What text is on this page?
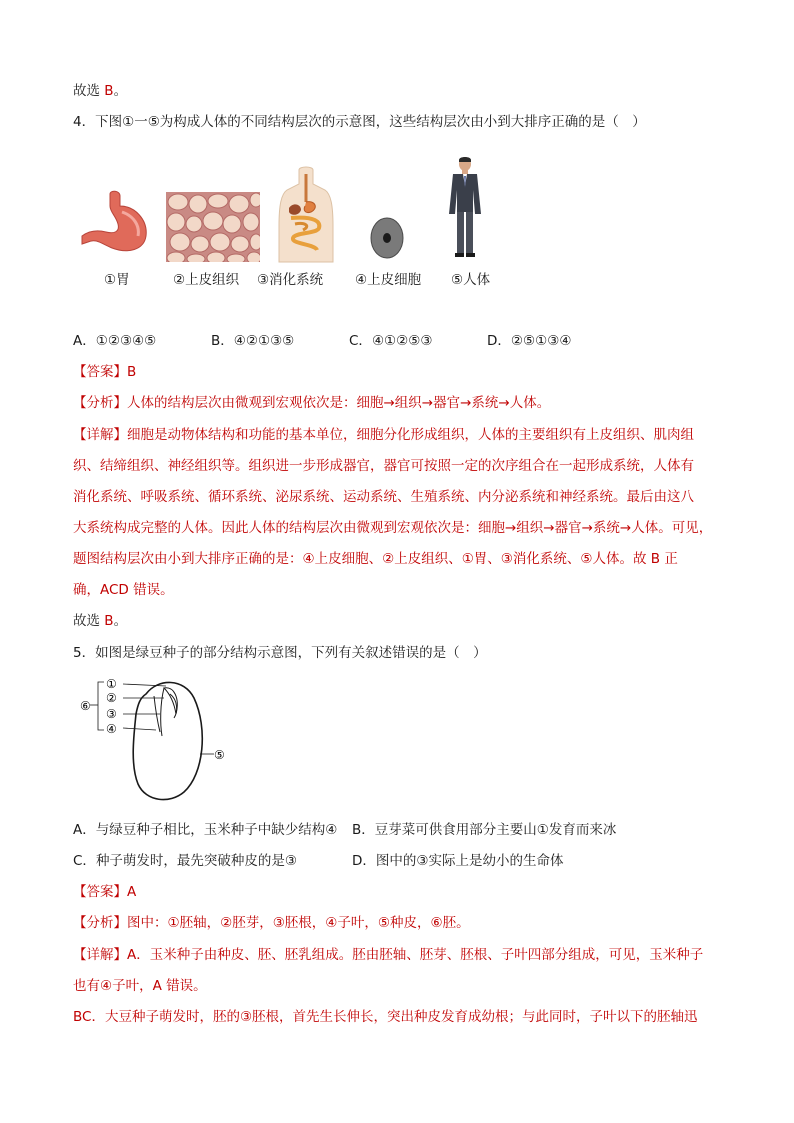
故选 B。
4．下图①一⑤为构成人体的不同结构层次的示意图，这些结构层次由小到大排序正确的是（　）
①胃	②上皮组织 ③消化系统 ④上皮细胞 ⑤人体
A．①②③④⑤	B．④②①③⑤	C．④①②⑤③	D．②⑤①③④
【答案】B
【分析】人体的结构层次由微观到宏观依次是：细胞→组织→器官→系统→人体。
【详解】细胞是动物体结构和功能的基本单位，细胞分化形成组织，人体的主要组织有上皮组织、肌肉组
织、结缔组织、神经组织等。组织进一步形成器官，器官可按照一定的次序组合在一起形成系统，人体有
消化系统、呼吸系统、循环系统、泌尿系统、运动系统、生殖系统、内分泌系统和神经系统。最后由这八
大系统构成完整的人体。因此人体的结构层次由微观到宏观依次是：细胞→组织→器官→系统→人体。可见，
题图结构层次由小到大排序正确的是：④上皮细胞、②上皮组织、①胃、③消化系统、⑤人体。故 B 正
确，ACD 错误。
故选 B。
5．如图是绿豆种子的部分结构示意图，下列有关叙述错误的是（　）
①
②
③
④
⑤
⑥
A．与绿豆种子相比，玉米种子中缺少结构④ B．豆芽菜可供食用部分主要山①发育而来冰
C．种子萌发时，最先突破种皮的是③	D．图中的③实际上是幼小的生命体
【答案】A
【分析】图中：①胚轴，②胚芽，③胚根，④子叶，⑤种皮，⑥胚。
【详解】A．玉米种子由种皮、胚、胚乳组成。胚由胚轴、胚芽、胚根、子叶四部分组成，可见，玉米种子
也有④子叶，A 错误。
BC．大豆种子萌发时，胚的③胚根，首先生长伸长，突出种皮发育成幼根；与此同时，子叶以下的胚轴迅
